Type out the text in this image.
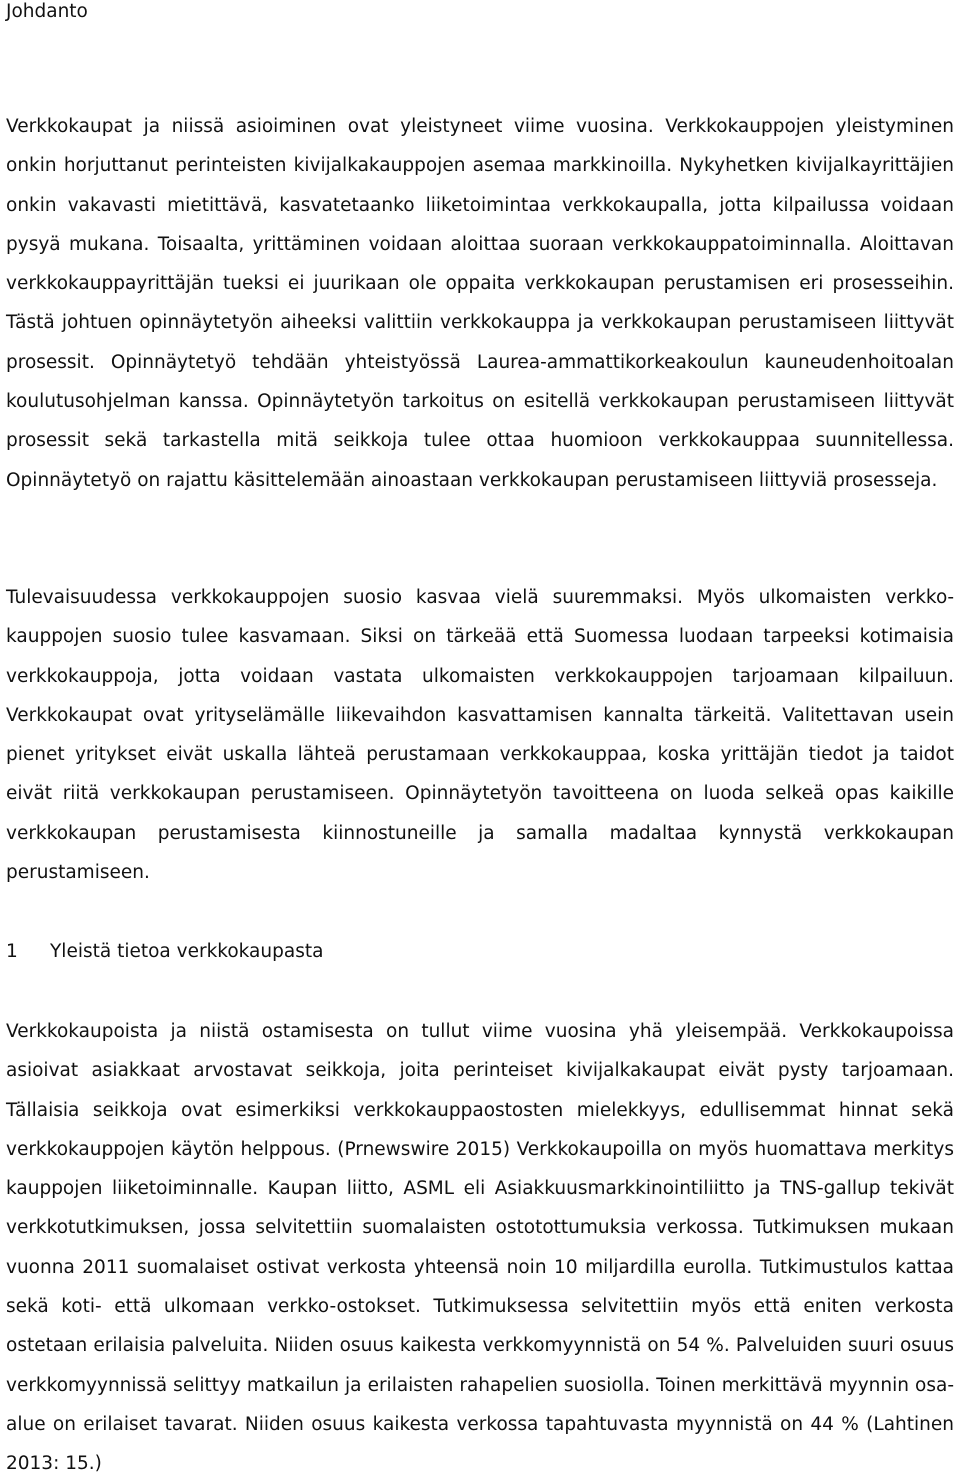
Johdanto

Verkkokaupat ja niissä asioiminen ovat yleistyneet viime vuosina. Verkkokauppojen yleistyminen onkin horjuttanut perinteisten kivijalkakauppojen asemaa markkinoilla. Nykyhetken kivijalkayrittäjien onkin vakavasti mietittävä, kasvatetaanko liiketoimintaa verkkokaupalla, jotta kilpailussa voidaan pysyä mukana. Toisaalta, yrittäminen voidaan aloittaa suoraan verkkokauppatoiminnalla. Aloittavan verkkokauppayrittäjän tueksi ei juurikaan ole oppaita verkkokaupan perustamisen eri prosesseihin. Tästä johtuen opinnäytetyön aiheeksi valittiin verkkokauppa ja verkkokaupan perustamiseen liittyvät prosessit. Opinnäytetyö tehdään yhteistyössä Laurea-ammattikorkeakoulun kauneudenhoitoalan koulutusohjelman kanssa. Opinnäytetyön tarkoitus on esitellä verkkokaupan perustamiseen liittyvät prosessit sekä tarkastella mitä seikkoja tulee ottaa huomioon verkkokauppaa suunnitellessa. Opinnäytetyö on rajattu käsittelemään ainoastaan verkkokaupan perustamiseen liittyviä prosesseja.

Tulevaisuudessa verkkokauppojen suosio kasvaa vielä suuremmaksi. Myös ulkomaisten verkkokauppojen suosio tulee kasvamaan. Siksi on tärkeää että Suomessa luodaan tarpeeksi kotimaisia verkkokauppoja, jotta voidaan vastata ulkomaisten verkkokauppojen tarjoamaan kilpailuun. Verkkokaupat ovat yrityselämälle liikevaihdon kasvattamisen kannalta tärkeitä. Valitettavan usein pienet yritykset eivät uskalla lähteä perustamaan verkkokauppaa, koska yrittäjän tiedot ja taidot eivät riitä verkkokaupan perustamiseen. Opinnäytetyön tavoitteena on luoda selkeä opas kaikille verkkokaupan perustamisesta kiinnostuneille ja samalla madaltaa kynnystä verkkokaupan perustamiseen.

1 Yleistä tietoa verkkokaupasta

Verkkokaupoista ja niistä ostamisesta on tullut viime vuosina yhä yleisempää. Verkkokaupoissa asioivat asiakkaat arvostavat seikkoja, joita perinteiset kivijalkakaupat eivät pysty tarjoamaan. Tällaisia seikkoja ovat esimerkiksi verkkokauppaostosten mielekkyys, edullisemmat hinnat sekä verkkokauppojen käytön helppous. (Prnewswire 2015) Verkkokaupoilla on myös huomattava merkitys kauppojen liiketoiminnalle. Kaupan liitto, ASML eli Asiakkuusmarkkinointiliitto ja TNS-gallup tekivät verkkotutkimuksen, jossa selvitettiin suomalaisten ostotottumuksia verkossa. Tutkimuksen mukaan vuonna 2011 suomalaiset ostivat verkosta yhteensä noin 10 miljardilla eurolla. Tutkimustulos kattaa sekä koti- että ulkomaan verkko-ostokset. Tutkimuksessa selvitettiin myös että eniten verkosta ostetaan erilaisia palveluita. Niiden osuus kaikesta verkkomyynnistä on 54 %. Palveluiden suuri osuus verkkomyynnissä selittyy matkailun ja erilaisten rahapelien suosiolla. Toinen merkittävä myynnin osa-alue on erilaiset tavarat. Niiden osuus kaikesta verkossa tapahtuvasta myynnistä on 44 % (Lahtinen 2013: 15.)
